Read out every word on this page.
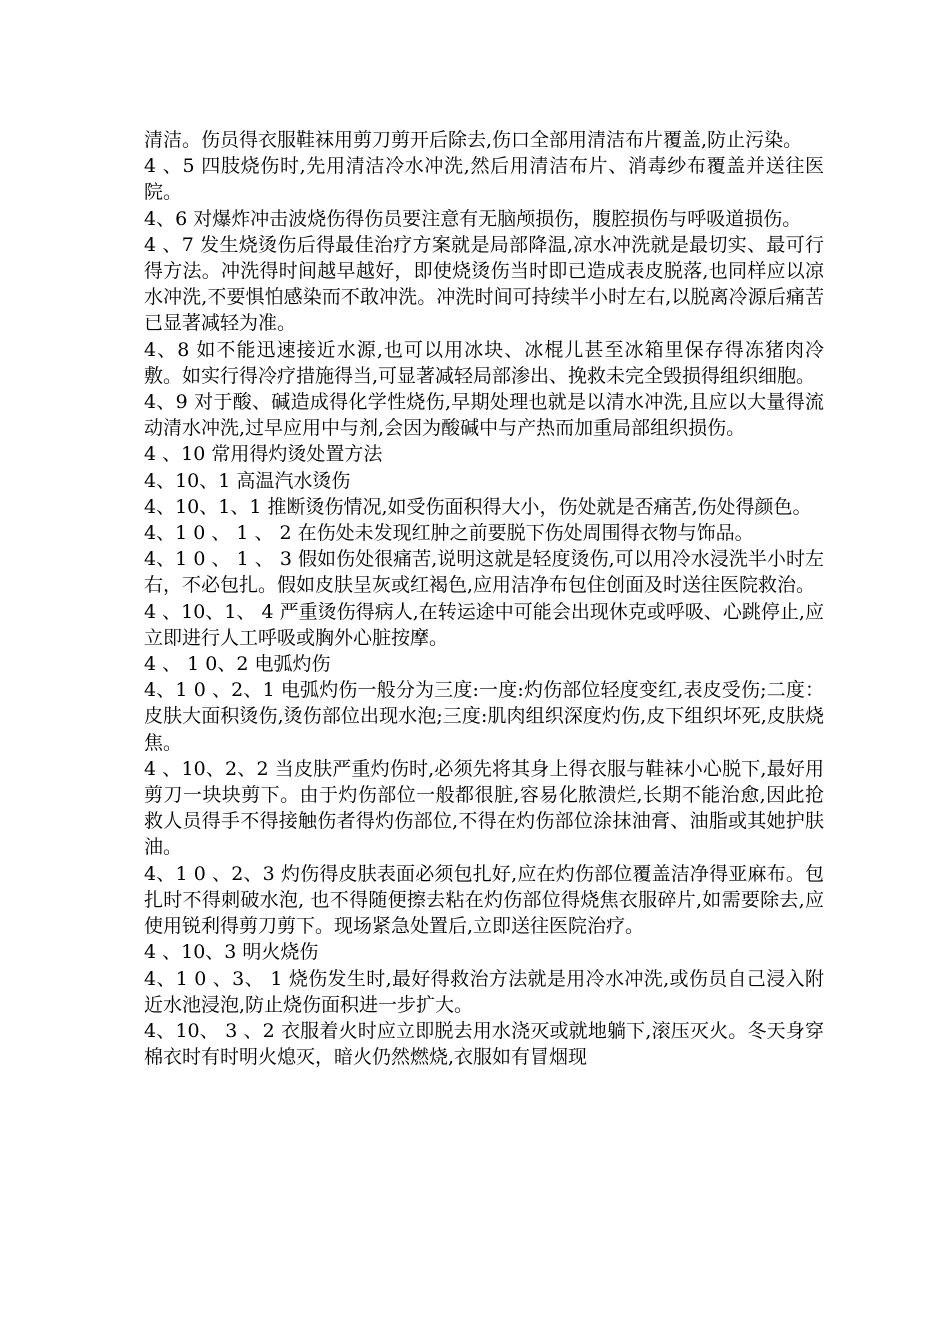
清洁。伤员得衣服鞋袜用剪刀剪开后除去,伤口全部用清洁布片覆盖,防止污染。

4 、5 四肢烧伤时,先用清洁冷水冲洗,然后用清洁布片、消毒纱布覆盖并送往医院。

4、6 对爆炸冲击波烧伤得伤员要注意有无脑颅损伤，腹腔损伤与呼吸道损伤。

4 、7 发生烧烫伤后得最佳治疗方案就是局部降温,凉水冲洗就是最切实、最可行得方法。冲洗得时间越早越好，即使烧烫伤当时即已造成表皮脱落,也同样应以凉水冲洗,不要惧怕感染而不敢冲洗。冲洗时间可持续半小时左右,以脱离冷源后痛苦已显著减轻为准。

4、8 如不能迅速接近水源,也可以用冰块、冰棍儿甚至冰箱里保存得冻猪肉冷敷。如实行得冷疗措施得当,可显著减轻局部渗出、挽救未完全毁损得组织细胞。

4、9 对于酸、碱造成得化学性烧伤,早期处理也就是以清水冲洗,且应以大量得流动清水冲洗,过早应用中与剂,会因为酸碱中与产热而加重局部组织损伤。

4 、10 常用得灼烫处置方法

4、10、1 高温汽水烫伤

4、10、1、1 推断烫伤情况,如受伤面积得大小，伤处就是否痛苦,伤处得颜色。

4、1 0 、 1 、 2 在伤处未发现红肿之前要脱下伤处周围得衣物与饰品。

4、1 0 、 1 、 3 假如伤处很痛苦,说明这就是轻度烫伤,可以用冷水浸洗半小时左右，不必包扎。假如皮肤呈灰或红褐色,应用洁净布包住创面及时送往医院救治。

4 、10、1、 4 严重烫伤得病人,在转运途中可能会出现休克或呼吸、心跳停止,应立即进行人工呼吸或胸外心脏按摩。

4 、 1 0、2 电弧灼伤

4、1 0 、2、1 电弧灼伤一般分为三度:一度:灼伤部位轻度变红,表皮受伤;二度： 皮肤大面积烫伤,烫伤部位出现水泡;三度:肌肉组织深度灼伤,皮下组织坏死,皮肤烧焦。

4 、10、2、2 当皮肤严重灼伤时,必须先将其身上得衣服与鞋袜小心脱下,最好用剪刀一块块剪下。由于灼伤部位一般都很脏,容易化脓溃烂,长期不能治愈,因此抢救人员得手不得接触伤者得灼伤部位,不得在灼伤部位涂抹油膏、油脂或其她护肤油。

4、1 0 、2、3 灼伤得皮肤表面必须包扎好,应在灼伤部位覆盖洁净得亚麻布。包扎时不得刺破水泡, 也不得随便擦去粘在灼伤部位得烧焦衣服碎片,如需要除去,应使用锐利得剪刀剪下。现场紧急处置后,立即送往医院治疗。

4 、10、3 明火烧伤

4、1 0 、3、 1 烧伤发生时,最好得救治方法就是用冷水冲洗,或伤员自己浸入附近水池浸泡,防止烧伤面积进一步扩大。

4、10、 3 、2 衣服着火时应立即脱去用水浇灭或就地躺下,滚压灭火。冬天身穿棉衣时有时明火熄灭，暗火仍然燃烧,衣服如有冒烟现
